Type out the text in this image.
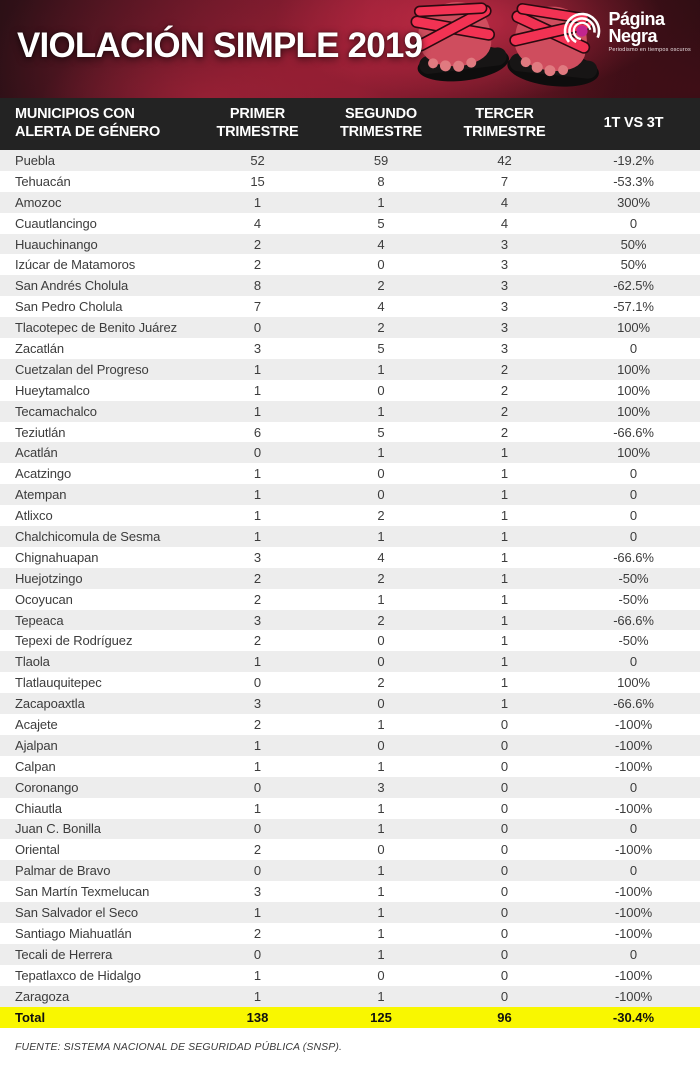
VIOLACIÓN SIMPLE 2019
Página
Negra
Periodismo en tiempos oscuros
MUNICIPIOS CON ALERTA DE GÉNERO
PRIMER TRIMESTRE
SEGUNDO TRIMESTRE
TERCER TRIMESTRE
1T VS 3T
Puebla	52	59	42	-19.2%
Tehuacán	15	8	7	-53.3%
Amozoc	1	1	4	300%
Cuautlancingo	4	5	4	0
Huauchinango	2	4	3	50%
Izúcar de Matamoros	2	0	3	50%
San Andrés Cholula	8	2	3	-62.5%
San Pedro Cholula	7	4	3	-57.1%
Tlacotepec de Benito Juárez	0	2	3	100%
Zacatlán	3	5	3	0
Cuetzalan del Progreso	1	1	2	100%
Hueytamalco	1	0	2	100%
Tecamachalco	1	1	2	100%
Teziutlán	6	5	2	-66.6%
Acatlán	0	1	1	100%
Acatzingo	1	0	1	0
Atempan	1	0	1	0
Atlixco	1	2	1	0
Chalchicomula de Sesma	1	1	1	0
Chignahuapan	3	4	1	-66.6%
Huejotzingo	2	2	1	-50%
Ocoyucan	2	1	1	-50%
Tepeaca	3	2	1	-66.6%
Tepexi de Rodríguez	2	0	1	-50%
Tlaola	1	0	1	0
Tlatlauquitepec	0	2	1	100%
Zacapoaxtla	3	0	1	-66.6%
Acajete	2	1	0	-100%
Ajalpan	1	0	0	-100%
Calpan	1	1	0	-100%
Coronango	0	3	0	0
Chiautla	1	1	0	-100%
Juan C. Bonilla	0	1	0	0
Oriental	2	0	0	-100%
Palmar de Bravo	0	1	0	0
San Martín Texmelucan	3	1	0	-100%
San Salvador el Seco	1	1	0	-100%
Santiago Miahuatlán	2	1	0	-100%
Tecali de Herrera	0	1	0	0
Tepatlaxco de Hidalgo	1	0	0	-100%
Zaragoza	1	1	0	-100%
Total	138	125	96	-30.4%
FUENTE: SISTEMA NACIONAL DE SEGURIDAD PÚBLICA (SNSP).
